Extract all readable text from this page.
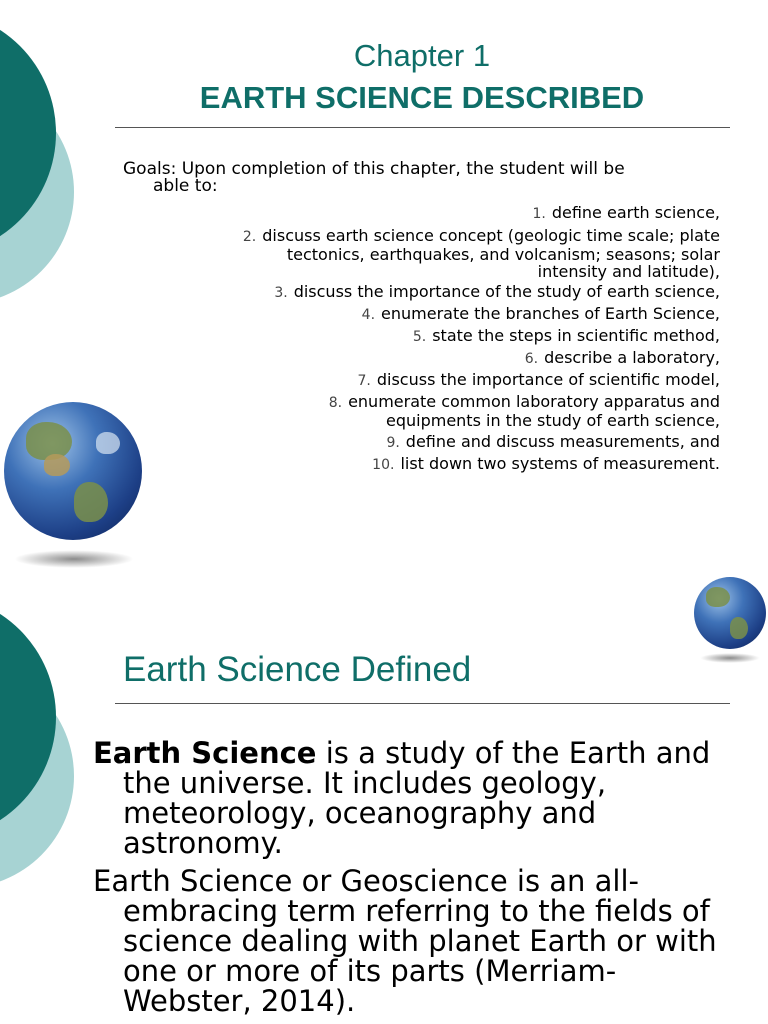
Chapter 1
EARTH SCIENCE DESCRIBED
Goals: Upon completion of this chapter, the student will be
able to:
1. define earth science,
2. discuss earth science concept (geologic time scale; plate
tectonics, earthquakes, and volcanism; seasons; solar
intensity and latitude),
3. discuss the importance of the study of earth science,
4. enumerate the branches of Earth Science,
5. state the steps in scientific method,
6. describe a laboratory,
7. discuss the importance of scientific model,
8. enumerate common laboratory apparatus and
equipments in the study of earth science,
9. define and discuss measurements, and
10. list down two systems of measurement.
Earth Science Defined
Earth Science is a study of the Earth and the universe. It includes geology, meteorology, oceanography and astronomy.
Earth Science or Geoscience is an all-embracing term referring to the fields of science dealing with planet Earth or with one or more of its parts (Merriam-Webster, 2014).
